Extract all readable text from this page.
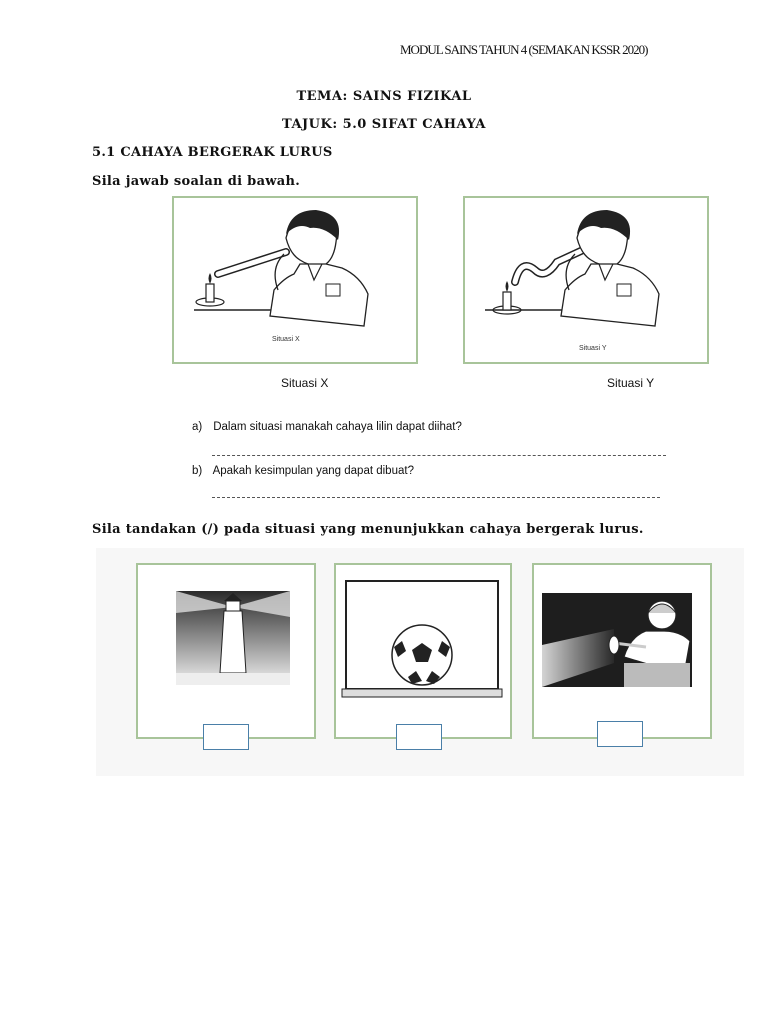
MODUL SAINS TAHUN 4 (SEMAKAN KSSR 2020)
TEMA: SAINS FIZIKAL
TAJUK: 5.0 SIFAT CAHAYA
5.1 CAHAYA BERGERAK LURUS
Sila jawab soalan di bawah.
Situasi X
Situasi Y
Situasi X	Situasi Y
a) Dalam situasi manakah cahaya lilin dapat diihat?
b) Apakah kesimpulan yang dapat dibuat?
Sila tandakan (/) pada situasi yang menunjukkan cahaya bergerak lurus.
